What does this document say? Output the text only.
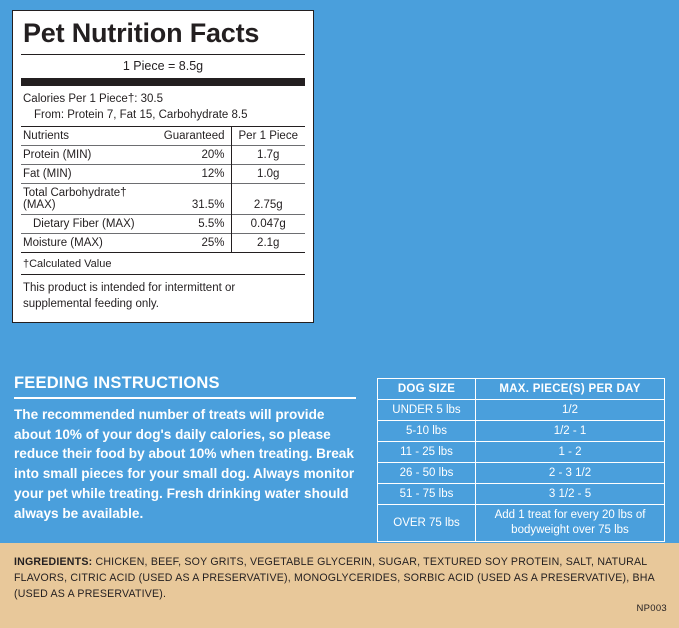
Pet Nutrition Facts
1 Piece = 8.5g
Calories Per 1 Piece†: 30.5
From: Protein 7, Fat 15, Carbohydrate 8.5
Nutrients	Guaranteed	Per 1 Piece
Protein (MIN)	20%	1.7g
Fat (MIN)	12%	1.0g
Total Carbohydrate† (MAX)	31.5%	2.75g
Dietary Fiber (MAX)	5.5%	0.047g
Moisture (MAX)	25%	2.1g
†Calculated Value
This product is intended for intermittent or supplemental feeding only.
FEEDING INSTRUCTIONS
The recommended number of treats will provide about 10% of your dog's daily calories, so please reduce their food by about 10% when treating. Break into small pieces for your small dog. Always monitor your pet while treating. Fresh drinking water should always be available.
DOG SIZE	MAX. PIECE(S) PER DAY
UNDER 5 lbs	1/2
5-10 lbs	1/2 - 1
11 - 25 lbs	1 - 2
26 - 50 lbs	2 - 3 1/2
51 - 75 lbs	3 1/2 - 5
OVER 75 lbs	Add 1 treat for every 20 lbs of bodyweight over 75 lbs
INGREDIENTS: CHICKEN, BEEF, SOY GRITS, VEGETABLE GLYCERIN, SUGAR, TEXTURED SOY PROTEIN, SALT, NATURAL FLAVORS, CITRIC ACID (USED AS A PRESERVATIVE), MONOGLYCERIDES, SORBIC ACID (USED AS A PRESERVATIVE), BHA (USED AS A PRESERVATIVE).
NP003
